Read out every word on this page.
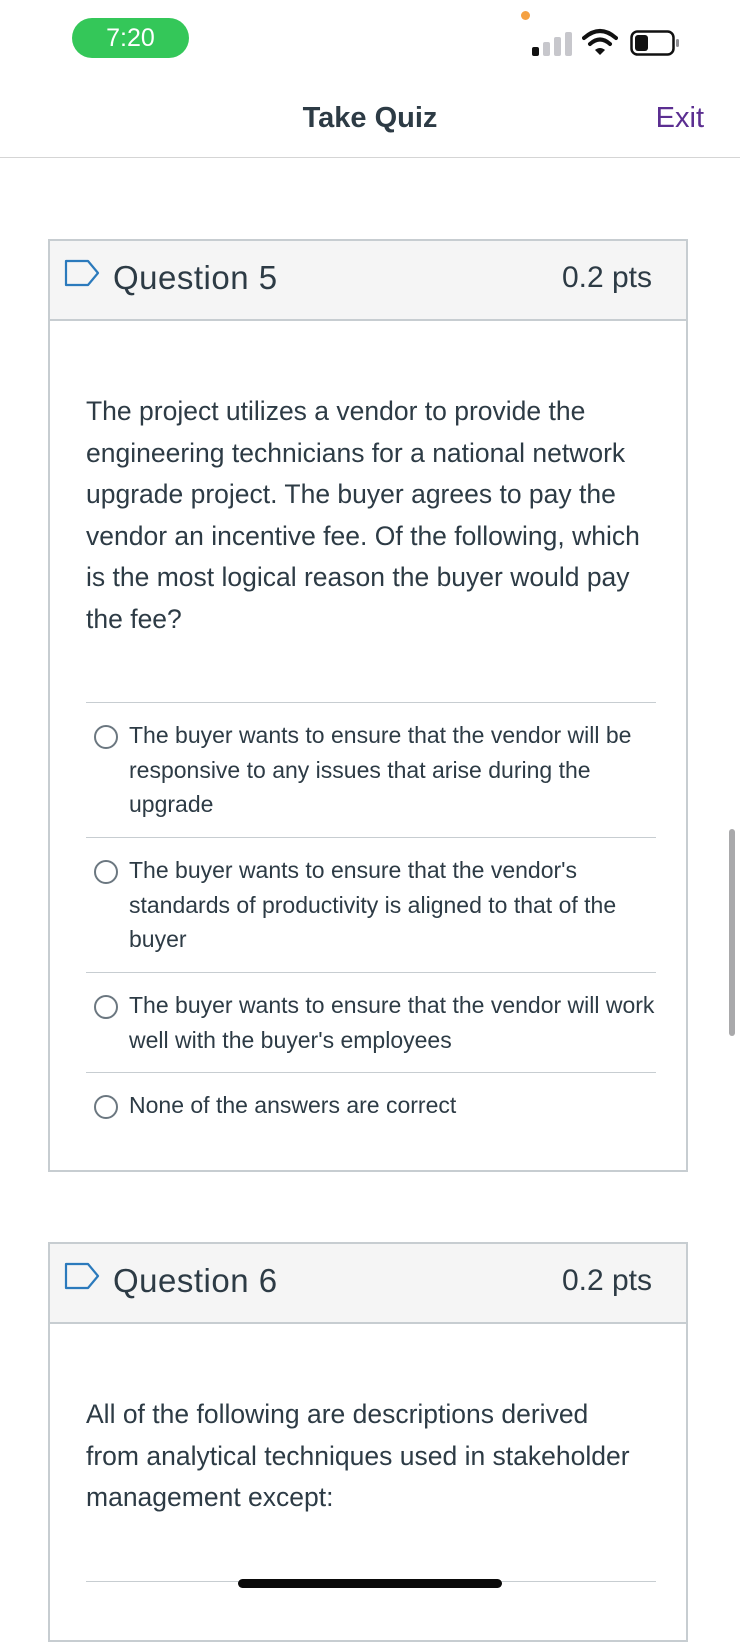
7:20
Take Quiz	Exit
Question 5	0.2 pts
The project utilizes a vendor to provide the engineering technicians for a national network upgrade project. The buyer agrees to pay the vendor an incentive fee. Of the following, which is the most logical reason the buyer would pay the fee?
The buyer wants to ensure that the vendor will be responsive to any issues that arise during the upgrade
The buyer wants to ensure that the vendor's standards of productivity is aligned to that of the buyer
The buyer wants to ensure that the vendor will work well with the buyer's employees
None of the answers are correct
Question 6	0.2 pts
All of the following are descriptions derived from analytical techniques used in stakeholder management except:
